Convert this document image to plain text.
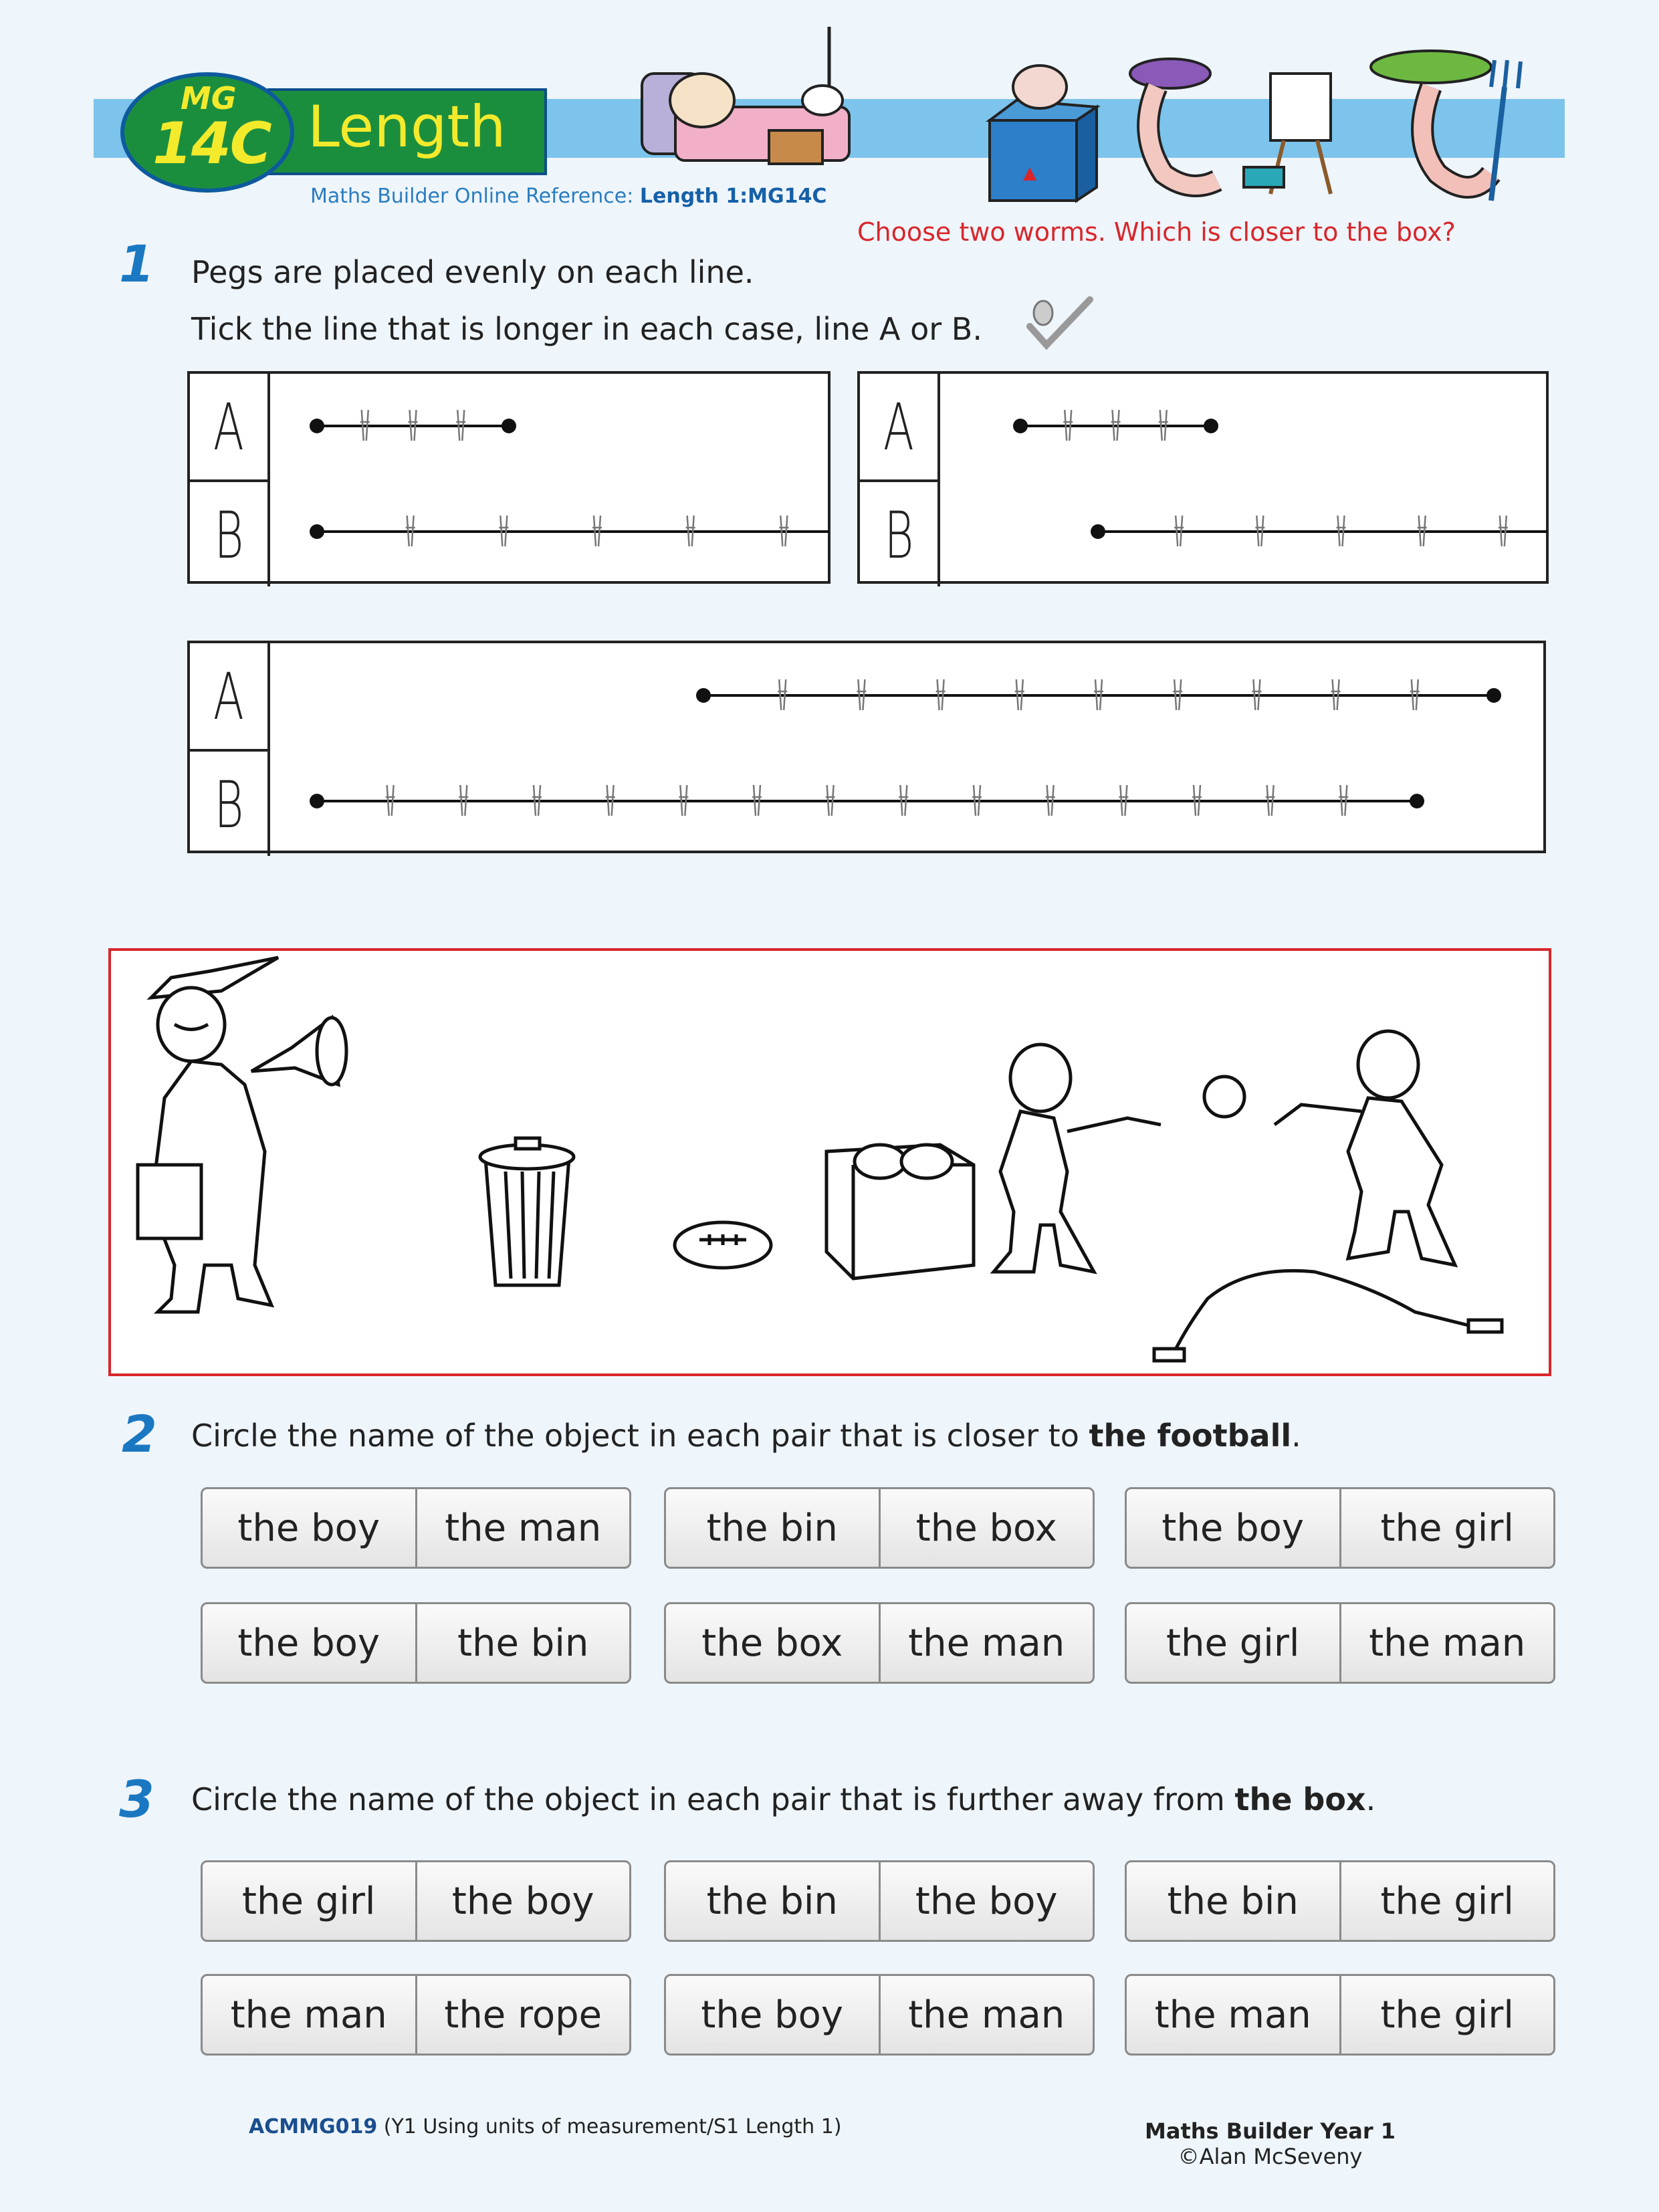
MG
14C Length
Maths Builder Online Reference: Length 1:MG14C
Choose two worms. Which is closer to the box?
1 Pegs are placed evenly on each line.
Tick the line that is longer in each case, line A or B.
A
B
A
B
A
B
2 Circle the name of the object in each pair that is closer to the football.
the boy	the man	the bin	the box	the boy	the girl
the boy	the bin	the box	the man	the girl	the man
3 Circle the name of the object in each pair that is further away from the box.
the girl	the boy	the bin	the boy	the bin	the girl
the man	the rope	the boy	the man	the man	the girl
ACMMG019 (Y1 Using units of measurement/S1 Length 1)	Maths Builder Year 1
©Alan McSeveny
